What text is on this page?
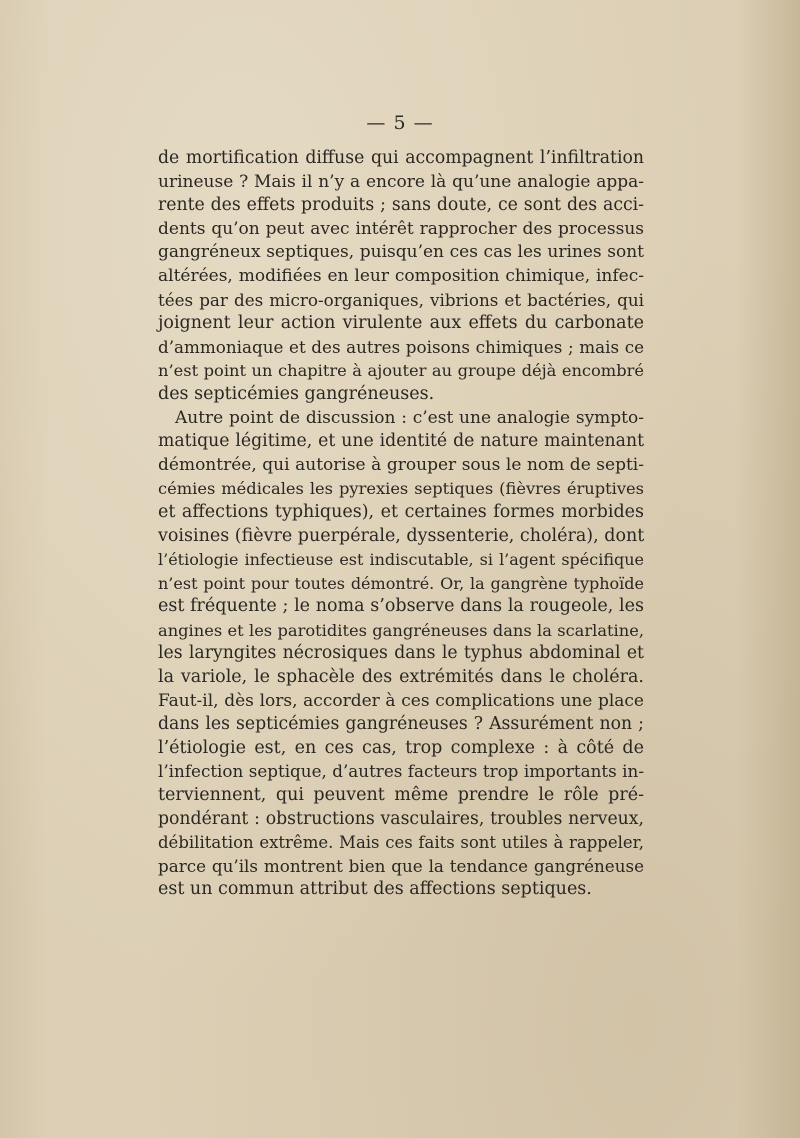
— 5 —
de mortification diffuse qui accompagnent l’infiltration
urineuse ? Mais il n’y a encore là qu’une analogie appa-
rente des effets produits ; sans doute, ce sont des acci-
dents qu’on peut avec intérêt rapprocher des processus
gangréneux septiques, puisqu’en ces cas les urines sont
altérées, modifiées en leur composition chimique, infec-
tées par des micro-organiques, vibrions et bactéries, qui
joignent leur action virulente aux effets du carbonate
d’ammoniaque et des autres poisons chimiques ; mais ce
n’est point un chapitre à ajouter au groupe déjà encombré
des septicémies gangréneuses.
Autre point de discussion : c’est une analogie sympto-
matique légitime, et une identité de nature maintenant
démontrée, qui autorise à grouper sous le nom de septi-
cémies médicales les pyrexies septiques (fièvres éruptives
et affections typhiques), et certaines formes morbides
voisines (fièvre puerpérale, dyssenterie, choléra), dont
l’étiologie infectieuse est indiscutable, si l’agent spécifique
n’est point pour toutes démontré. Or, la gangrène typhoïde
est fréquente ; le noma s’observe dans la rougeole, les
angines et les parotidites gangréneuses dans la scarlatine,
les laryngites nécrosiques dans le typhus abdominal et
la variole, le sphacèle des extrémités dans le choléra.
Faut-il, dès lors, accorder à ces complications une place
dans les septicémies gangréneuses ? Assurément non ;
l’étiologie est, en ces cas, trop complexe : à côté de
l’infection septique, d’autres facteurs trop importants in-
terviennent, qui peuvent même prendre le rôle pré-
pondérant : obstructions vasculaires, troubles nerveux,
débilitation extrême. Mais ces faits sont utiles à rappeler,
parce qu’ils montrent bien que la tendance gangréneuse
est un commun attribut des affections septiques.
